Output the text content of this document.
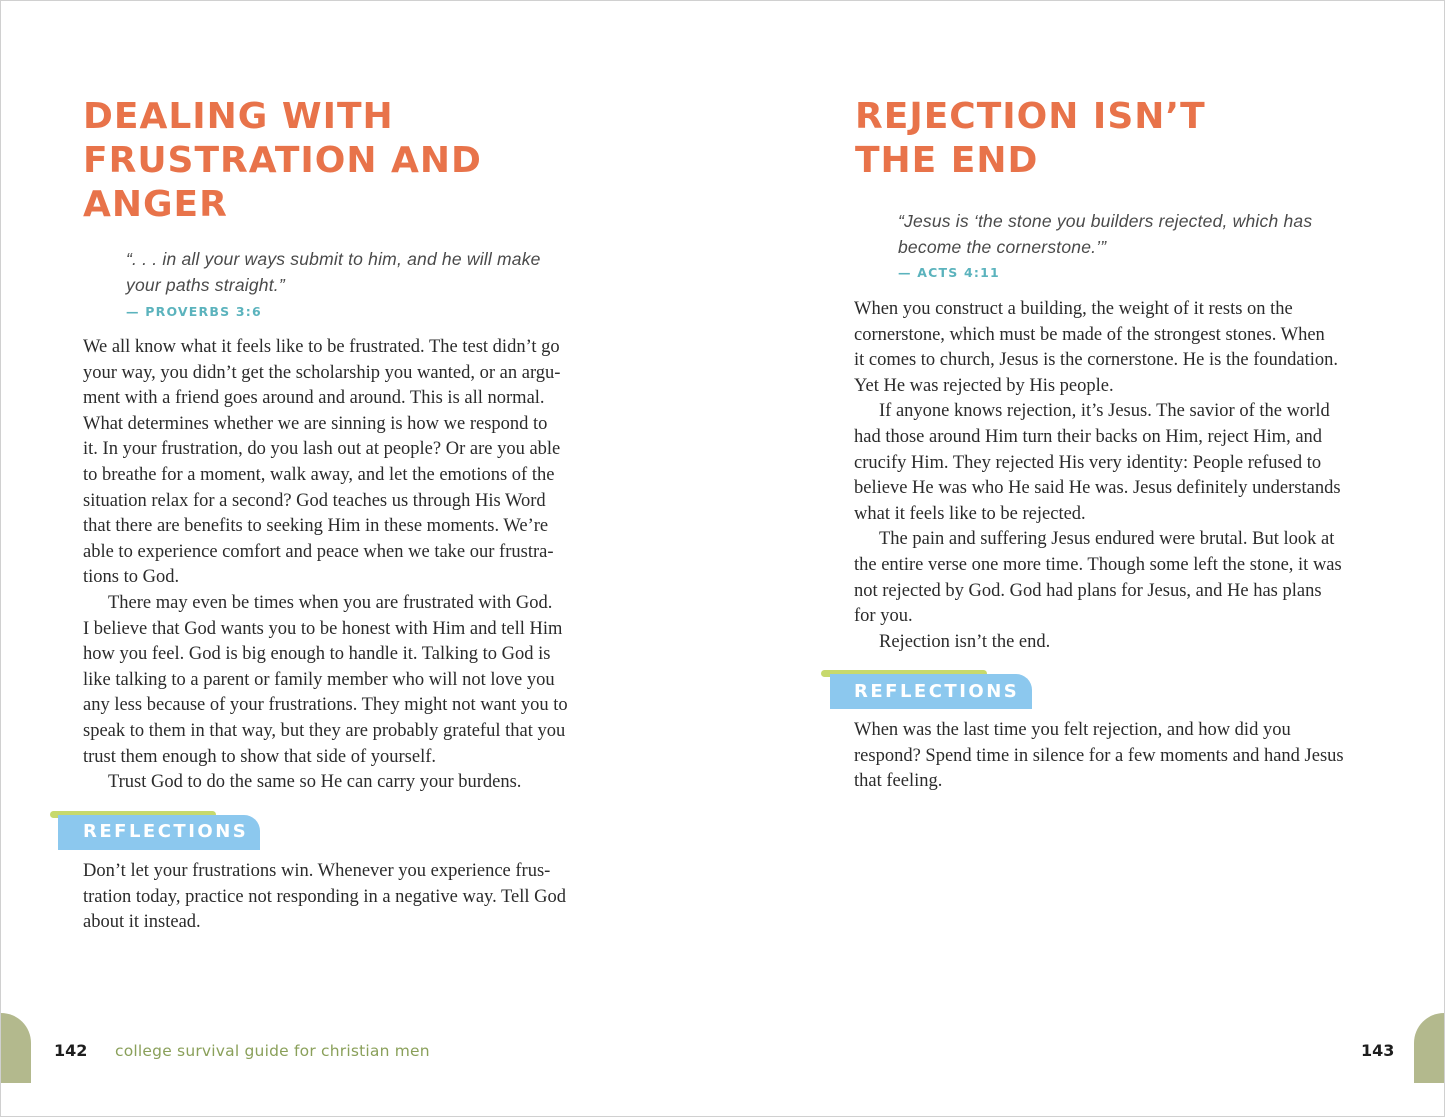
DEALING WITH
FRUSTRATION AND
ANGER
“. . . in all your ways submit to him, and he will make
your paths straight.”
— PROVERBS 3:6
We all know what it feels like to be frustrated. The test didn’t go
your way, you didn’t get the scholarship you wanted, or an argu-
ment with a friend goes around and around. This is all normal.
What determines whether we are sinning is how we respond to
it. In your frustration, do you lash out at people? Or are you able
to breathe for a moment, walk away, and let the emotions of the
situation relax for a second? God teaches us through His Word
that there are benefits to seeking Him in these moments. We’re
able to experience comfort and peace when we take our frustra-
tions to God.
There may even be times when you are frustrated with God.
I believe that God wants you to be honest with Him and tell Him
how you feel. God is big enough to handle it. Talking to God is
like talking to a parent or family member who will not love you
any less because of your frustrations. They might not want you to
speak to them in that way, but they are probably grateful that you
trust them enough to show that side of yourself.
Trust God to do the same so He can carry your burdens.
REFLECTIONS
Don’t let your frustrations win. Whenever you experience frus-
tration today, practice not responding in a negative way. Tell God
about it instead.
142 college survival guide for christian men
REJECTION ISN’T
THE END
“Jesus is ‘the stone you builders rejected, which has
become the cornerstone.’”
— ACTS 4:11
When you construct a building, the weight of it rests on the
cornerstone, which must be made of the strongest stones. When
it comes to church, Jesus is the cornerstone. He is the foundation.
Yet He was rejected by His people.
If anyone knows rejection, it’s Jesus. The savior of the world
had those around Him turn their backs on Him, reject Him, and
crucify Him. They rejected His very identity: People refused to
believe He was who He said He was. Jesus definitely understands
what it feels like to be rejected.
The pain and suffering Jesus endured were brutal. But look at
the entire verse one more time. Though some left the stone, it was
not rejected by God. God had plans for Jesus, and He has plans
for you.
Rejection isn’t the end.
REFLECTIONS
When was the last time you felt rejection, and how did you
respond? Spend time in silence for a few moments and hand Jesus
that feeling.
143
